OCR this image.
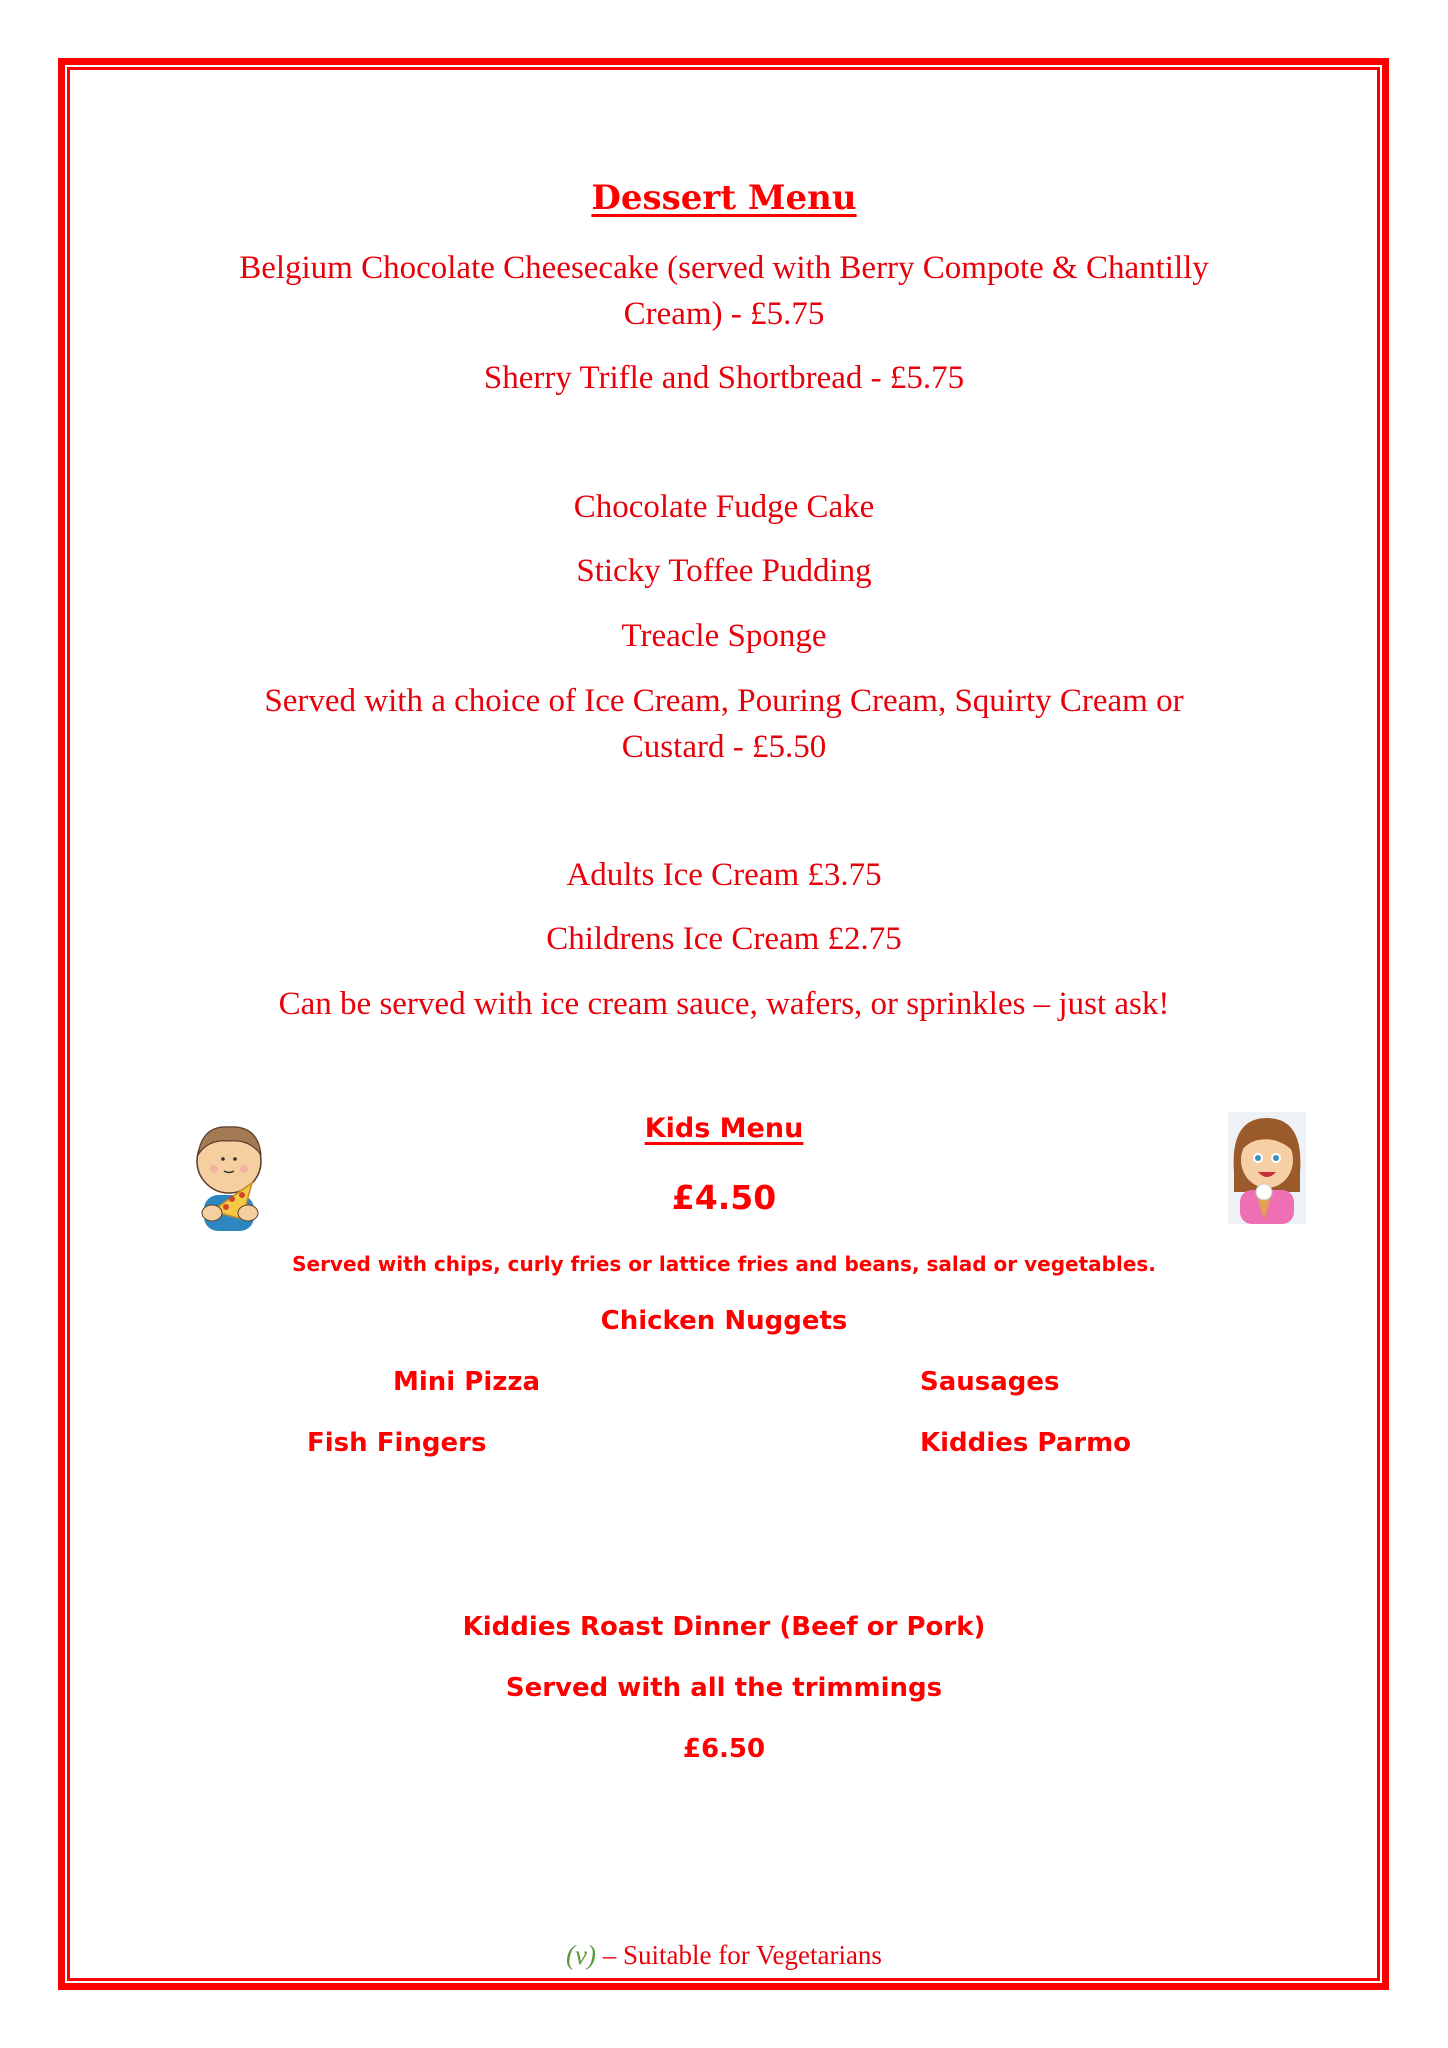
Dessert Menu
Belgium Chocolate Cheesecake (served with Berry Compote & Chantilly
Cream) - £5.75
Sherry Trifle and Shortbread - £5.75
Chocolate Fudge Cake
Sticky Toffee Pudding
Treacle Sponge
Served with a choice of Ice Cream, Pouring Cream, Squirty Cream or
Custard - £5.50
Adults Ice Cream £3.75
Childrens Ice Cream £2.75
Can be served with ice cream sauce, wafers, or sprinkles – just ask!
Kids Menu
£4.50
Served with chips, curly fries or lattice fries and beans, salad or vegetables.
Chicken Nuggets
Mini Pizza	Sausages
Fish Fingers	Kiddies Parmo
Kiddies Roast Dinner (Beef or Pork)
Served with all the trimmings
£6.50
(v) – Suitable for Vegetarians
